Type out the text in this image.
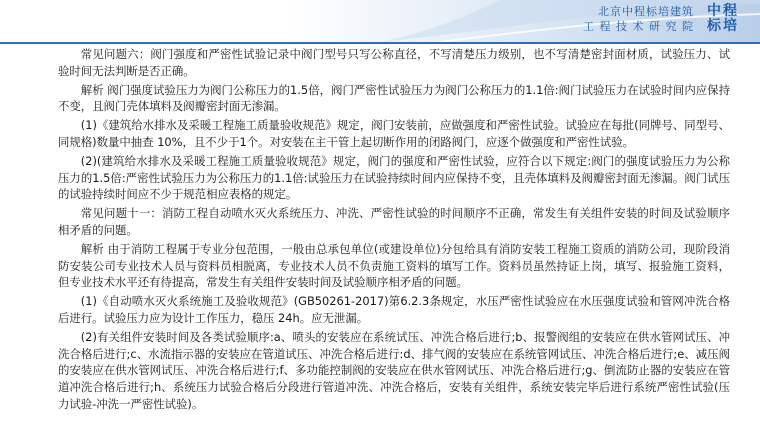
北京中程标培建筑
工 程 技 术 研 究 院
中程
标培

常见问题六：阀门强度和严密性试验记录中阀门型号只写公称直径，不写清楚压力级别，也不写清楚密封面材质，试验压力、试验时间无法判断是否正确。

解析 阀门强度试验压力为阀门公称压力的1.5倍，阀门严密性试验压力为阀门公称压力的1.1倍:阀门试验压力在试验时间内应保持不变，且阀门壳体填料及阀瓣密封面无渗漏。

(1)《建筑给水排水及采暖工程施工质量验收规范》规定，阀门安装前，应做强度和严密性试验。试验应在每批(同牌号、同型号、同规格)数量中抽查 10%，且不少于1个。对安装在主干管上起切断作用的闭路阀门，应逐个做强度和严密性试验。

(2)(建筑给水排水及采暖工程施工质量验收规范》规定，阀门的强度和严密性试验，应符合以下规定:阀门的强度试验压力为公称压力的1.5倍:严密性试验压力为公称压力的1.1倍:试验压力在试验持续时间内应保持不变，且壳体填料及阀瓣密封面无渗漏。阀门试压的试验持续时间应不少于规范相应表格的规定。

常见问题十一：消防工程自动喷水灭火系统压力、冲洗、严密性试验的时间顺序不正确，常发生有关组件安装的时间及试验顺序相矛盾的问题。

解析 由于消防工程属于专业分包范围，一般由总承包单位(或建设单位)分包给具有消防安装工程施工资质的消防公司，现阶段消防安装公司专业技术人员与资料员相脱离，专业技术人员不负责施工资料的填写工作。资料员虽然持证上岗，填写、报验施工资料，但专业技术水平还有待提高，常发生有关组件安装时间及试验顺序相矛盾的问题。

(1)《自动喷水灭火系统施工及验收规范》(GB50261-2017)第6.2.3条规定，水压严密性试验应在水压强度试验和管网冲洗合格后进行。试验压力应为设计工作压力，稳压 24h。应无泄漏。

(2)有关组件安装时间及各类试验顺序:a、喷头的安装应在系统试压、冲洗合格后进行;b、报警阀组的安装应在供水管网试压、冲洗合格后进行;c、水流指示器的安装应在管道试压、冲洗合格后进行:d、排气阀的安装应在系统管网试压、冲洗合格后进行;e、减压阀的安装应在供水管网试压、冲洗合格后进行;f、多功能控制阀的安装应在供水管网试压、冲洗合格后进行;g、倒流防止器的安装应在管道冲洗合格后进行;h、系统压力试验合格后分段进行管道冲洗、冲洗合格后，安装有关组件，系统安装完毕后进行系统严密性试验(压力试验-冲洗一严密性试验)。
